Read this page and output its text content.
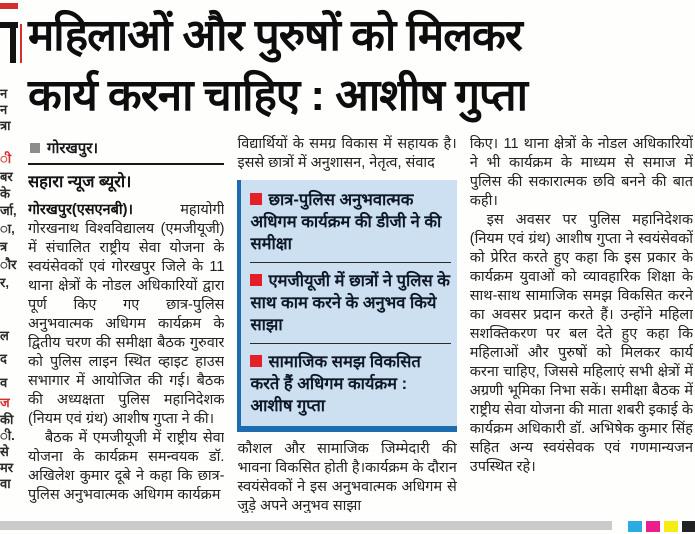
न
न
त्रा
ी
बर
के
र्जा,
ा,
त्र
ौर
र,
ल
द
व
ज
की
ी.
से
मर
वा
महिलाओं और पुरुषों को मिलकर
कार्य करना चाहिए : आशीष गुप्ता
गोरखपुर।
सहारा न्यूज ब्यूरो।

गोरखपुर(एसएनबी)। महायोगी गोरखनाथ विश्वविद्यालय (एमजीयूजी) में संचालित राष्ट्रीय सेवा योजना के स्वयंसेवकों एवं गोरखपुर जिले के 11 थाना क्षेत्रों के नोडल अधिकारियों द्वारा पूर्ण किए गए छात्र-पुलिस अनुभवात्मक अधिगम कार्यक्रम के द्वितीय चरण की समीक्षा बैठक गुरुवार को पुलिस लाइन स्थित व्हाइट हाउस सभागार में आयोजित की गई। बैठक की अध्यक्षता पुलिस महानिदेशक (नियम एवं ग्रंथ) आशीष गुप्ता ने की।

बैठक में एमजीयूजी में राष्ट्रीय सेवा योजना के कार्यक्रम समन्वयक डॉ. अखिलेश कुमार दूबे ने कहा कि छात्र-पुलिस अनुभवात्मक अधिगम कार्यक्रम

विद्यार्थियों के समग्र विकास में सहायक है। इससे छात्रों में अनुशासन, नेतृत्व, संवाद

छात्र-पुलिस अनुभवात्मक अधिगम कार्यक्रम की डीजी ने की समीक्षा
एमजीयूजी में छात्रों ने पुलिस के साथ काम करने के अनुभव किये साझा
सामाजिक समझ विकसित करते हैं अधिगम कार्यक्रम : आशीष गुप्ता

कौशल और सामाजिक जिम्मेदारी की भावना विकसित होती है।कार्यक्रम के दौरान स्वयंसेवकों ने इस अनुभवात्मक अधिगम से जुड़े अपने अनुभव साझा

किए। 11 थाना क्षेत्रों के नोडल अधिकारियों ने भी कार्यक्रम के माध्यम से समाज में पुलिस की सकारात्मक छवि बनने की बात कही।

इस अवसर पर पुलिस महानिदेशक (नियम एवं ग्रंथ) आशीष गुप्ता ने स्वयंसेवकों को प्रेरित करते हुए कहा कि इस प्रकार के कार्यक्रम युवाओं को व्यावहारिक शिक्षा के साथ-साथ सामाजिक समझ विकसित करने का अवसर प्रदान करते हैं। उन्होंने महिला सशक्तिकरण पर बल देते हुए कहा कि महिलाओं और पुरुषों को मिलकर कार्य करना चाहिए, जिससे महिलाएं सभी क्षेत्रों में अग्रणी भूमिका निभा सकें। समीक्षा बैठक में राष्ट्रीय सेवा योजना की माता शबरी इकाई के कार्यक्रम अधिकारी डॉ. अभिषेक कुमार सिंह सहित अन्य स्वयंसेवक एवं गणमान्यजन उपस्थित रहे।
